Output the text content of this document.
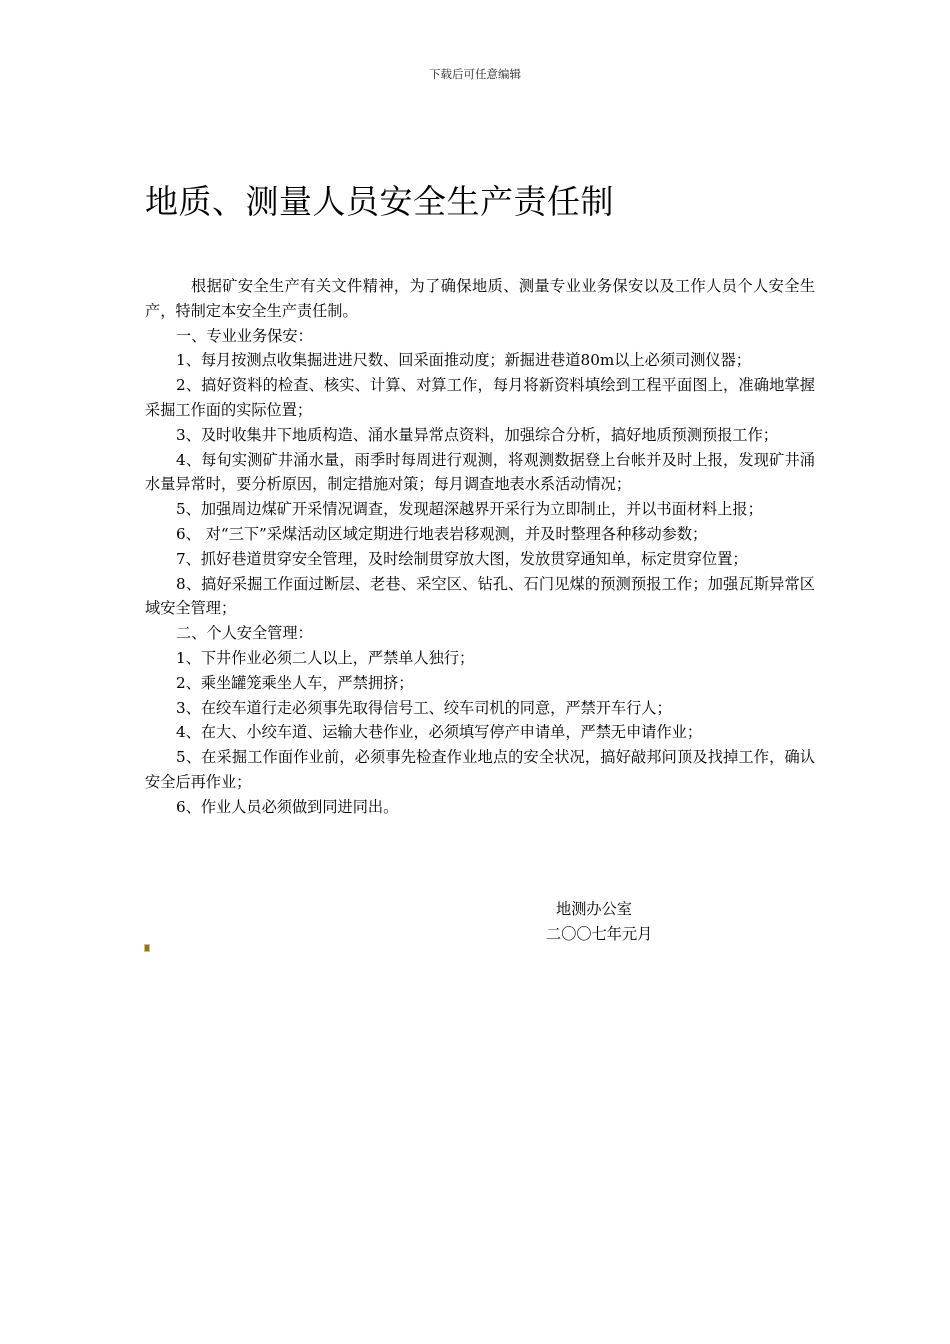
下载后可任意编辑
地质、测量人员安全生产责任制

根据矿安全生产有关文件精神，为了确保地质、测量专业业务保安以及工作人员个人安全生产，特制定本安全生产责任制。

一、专业业务保安：

1、每月按测点收集掘进进尺数、回采面推动度；新掘进巷道80m以上必须司测仪器；

2、搞好资料的检查、核实、计算、对算工作，每月将新资料填绘到工程平面图上，准确地掌握采掘工作面的实际位置；

3、及时收集井下地质构造、涌水量异常点资料，加强综合分析，搞好地质预测预报工作；

4、每旬实测矿井涌水量，雨季时每周进行观测，将观测数据登上台帐并及时上报，发现矿井涌水量异常时，要分析原因，制定措施对策；每月调查地表水系活动情况；

5、加强周边煤矿开采情况调查，发现超深越界开采行为立即制止，并以书面材料上报；

6、 对“三下”采煤活动区域定期进行地表岩移观测，并及时整理各种移动参数；

7、抓好巷道贯穿安全管理，及时绘制贯穿放大图，发放贯穿通知单，标定贯穿位置；

8、搞好采掘工作面过断层、老巷、采空区、钻孔、石门见煤的预测预报工作；加强瓦斯异常区域安全管理；

二、个人安全管理：

1、下井作业必须二人以上，严禁单人独行；

2、乘坐罐笼乘坐人车，严禁拥挤；

3、在绞车道行走必须事先取得信号工、绞车司机的同意，严禁开车行人；

4、在大、小绞车道、运输大巷作业，必须填写停产申请单，严禁无申请作业；

5、在采掘工作面作业前，必须事先检查作业地点的安全状况，搞好敲邦问顶及找掉工作，确认安全后再作业；

6、作业人员必须做到同进同出。

地测办公室
二〇〇七年元月
